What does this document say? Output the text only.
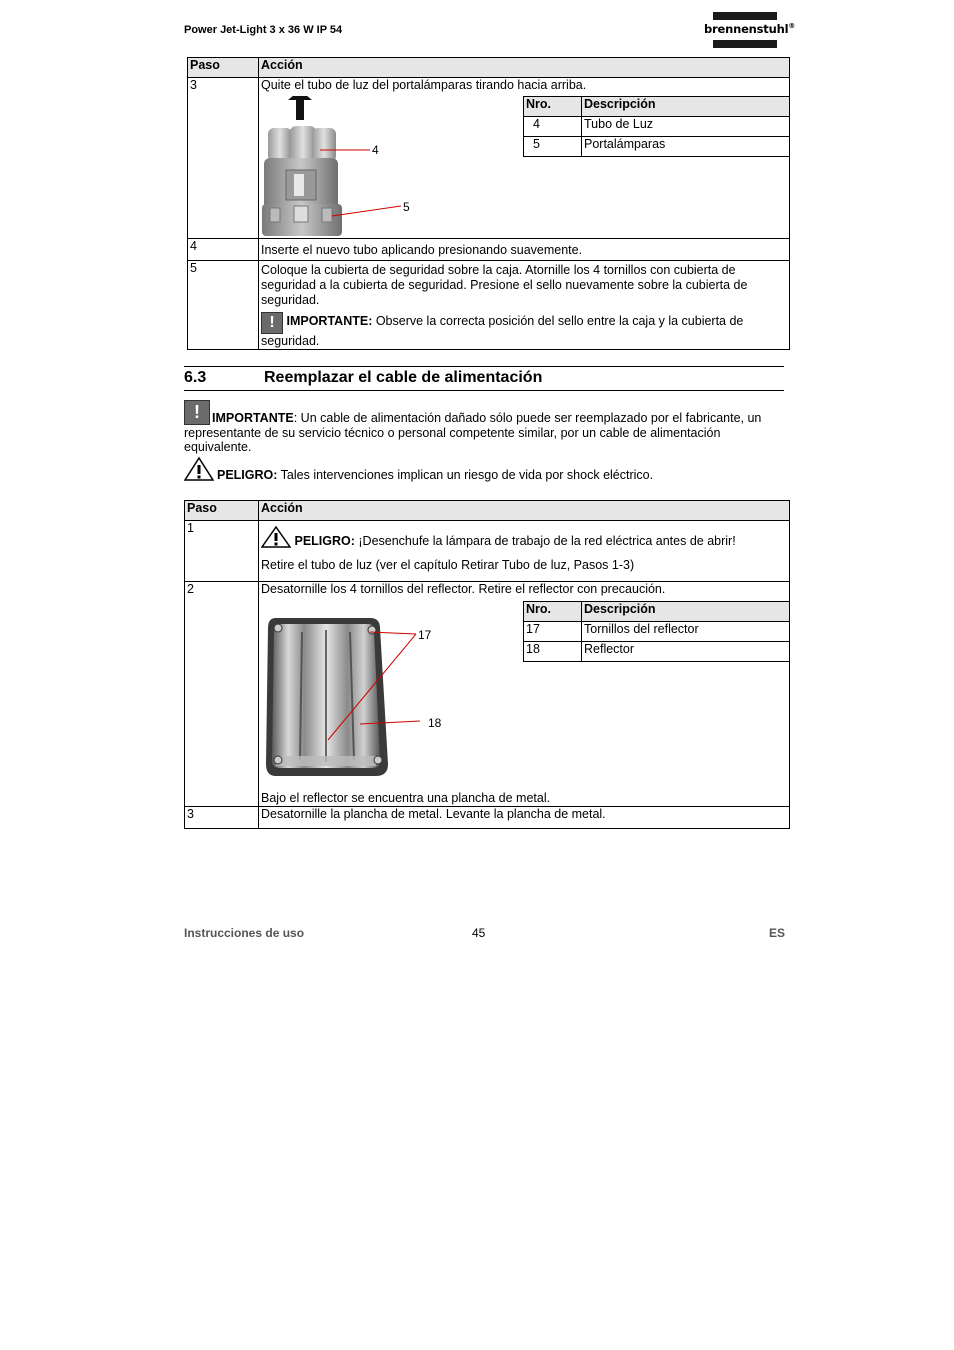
Power Jet-Light 3 x 36 W IP 54	brennenstuhl®
Paso	Acción
3	Quite el tubo de luz del portalámparas tirando hacia arriba.

4	Inserte el nuevo tubo aplicando presionando suavemente.
5	Coloque la cubierta de seguridad sobre la caja. Atornille los 4 tornillos con cubierta de seguridad a la cubierta de seguridad. Presione el sello nuevamente sobre la cubierta de seguridad.
! IMPORTANTE: Observe la correcta posición del sello entre la caja y la cubierta de seguridad.
4
5
Nro.	Descripción
4	Tubo de Luz
5	Portalámparas
6.3	Reemplazar el cable de alimentación
! IMPORTANTE: Un cable de alimentación dañado sólo puede ser reemplazado por el fabricante, un representante de su servicio técnico o personal competente similar, por un cable de alimentación equivalente.
PELIGRO: Tales intervenciones implican un riesgo de vida por shock eléctrico.
Paso	Acción
1	PELIGRO: ¡Desenchufe la lámpara de trabajo de la red eléctrica antes de abrir!
Retire el tubo de luz (ver el capítulo Retirar Tubo de luz, Pasos 1-3)

2	Desatornille los 4 tornillos del reflector. Retire el reflector con precaución.
Bajo el reflector se encuentra una plancha de metal.

3	Desatornille la plancha de metal. Levante la plancha de metal.
17
18
Nro.	Descripción
17	Tornillos del reflector
18	Reflector
Instrucciones de uso	45	ES
